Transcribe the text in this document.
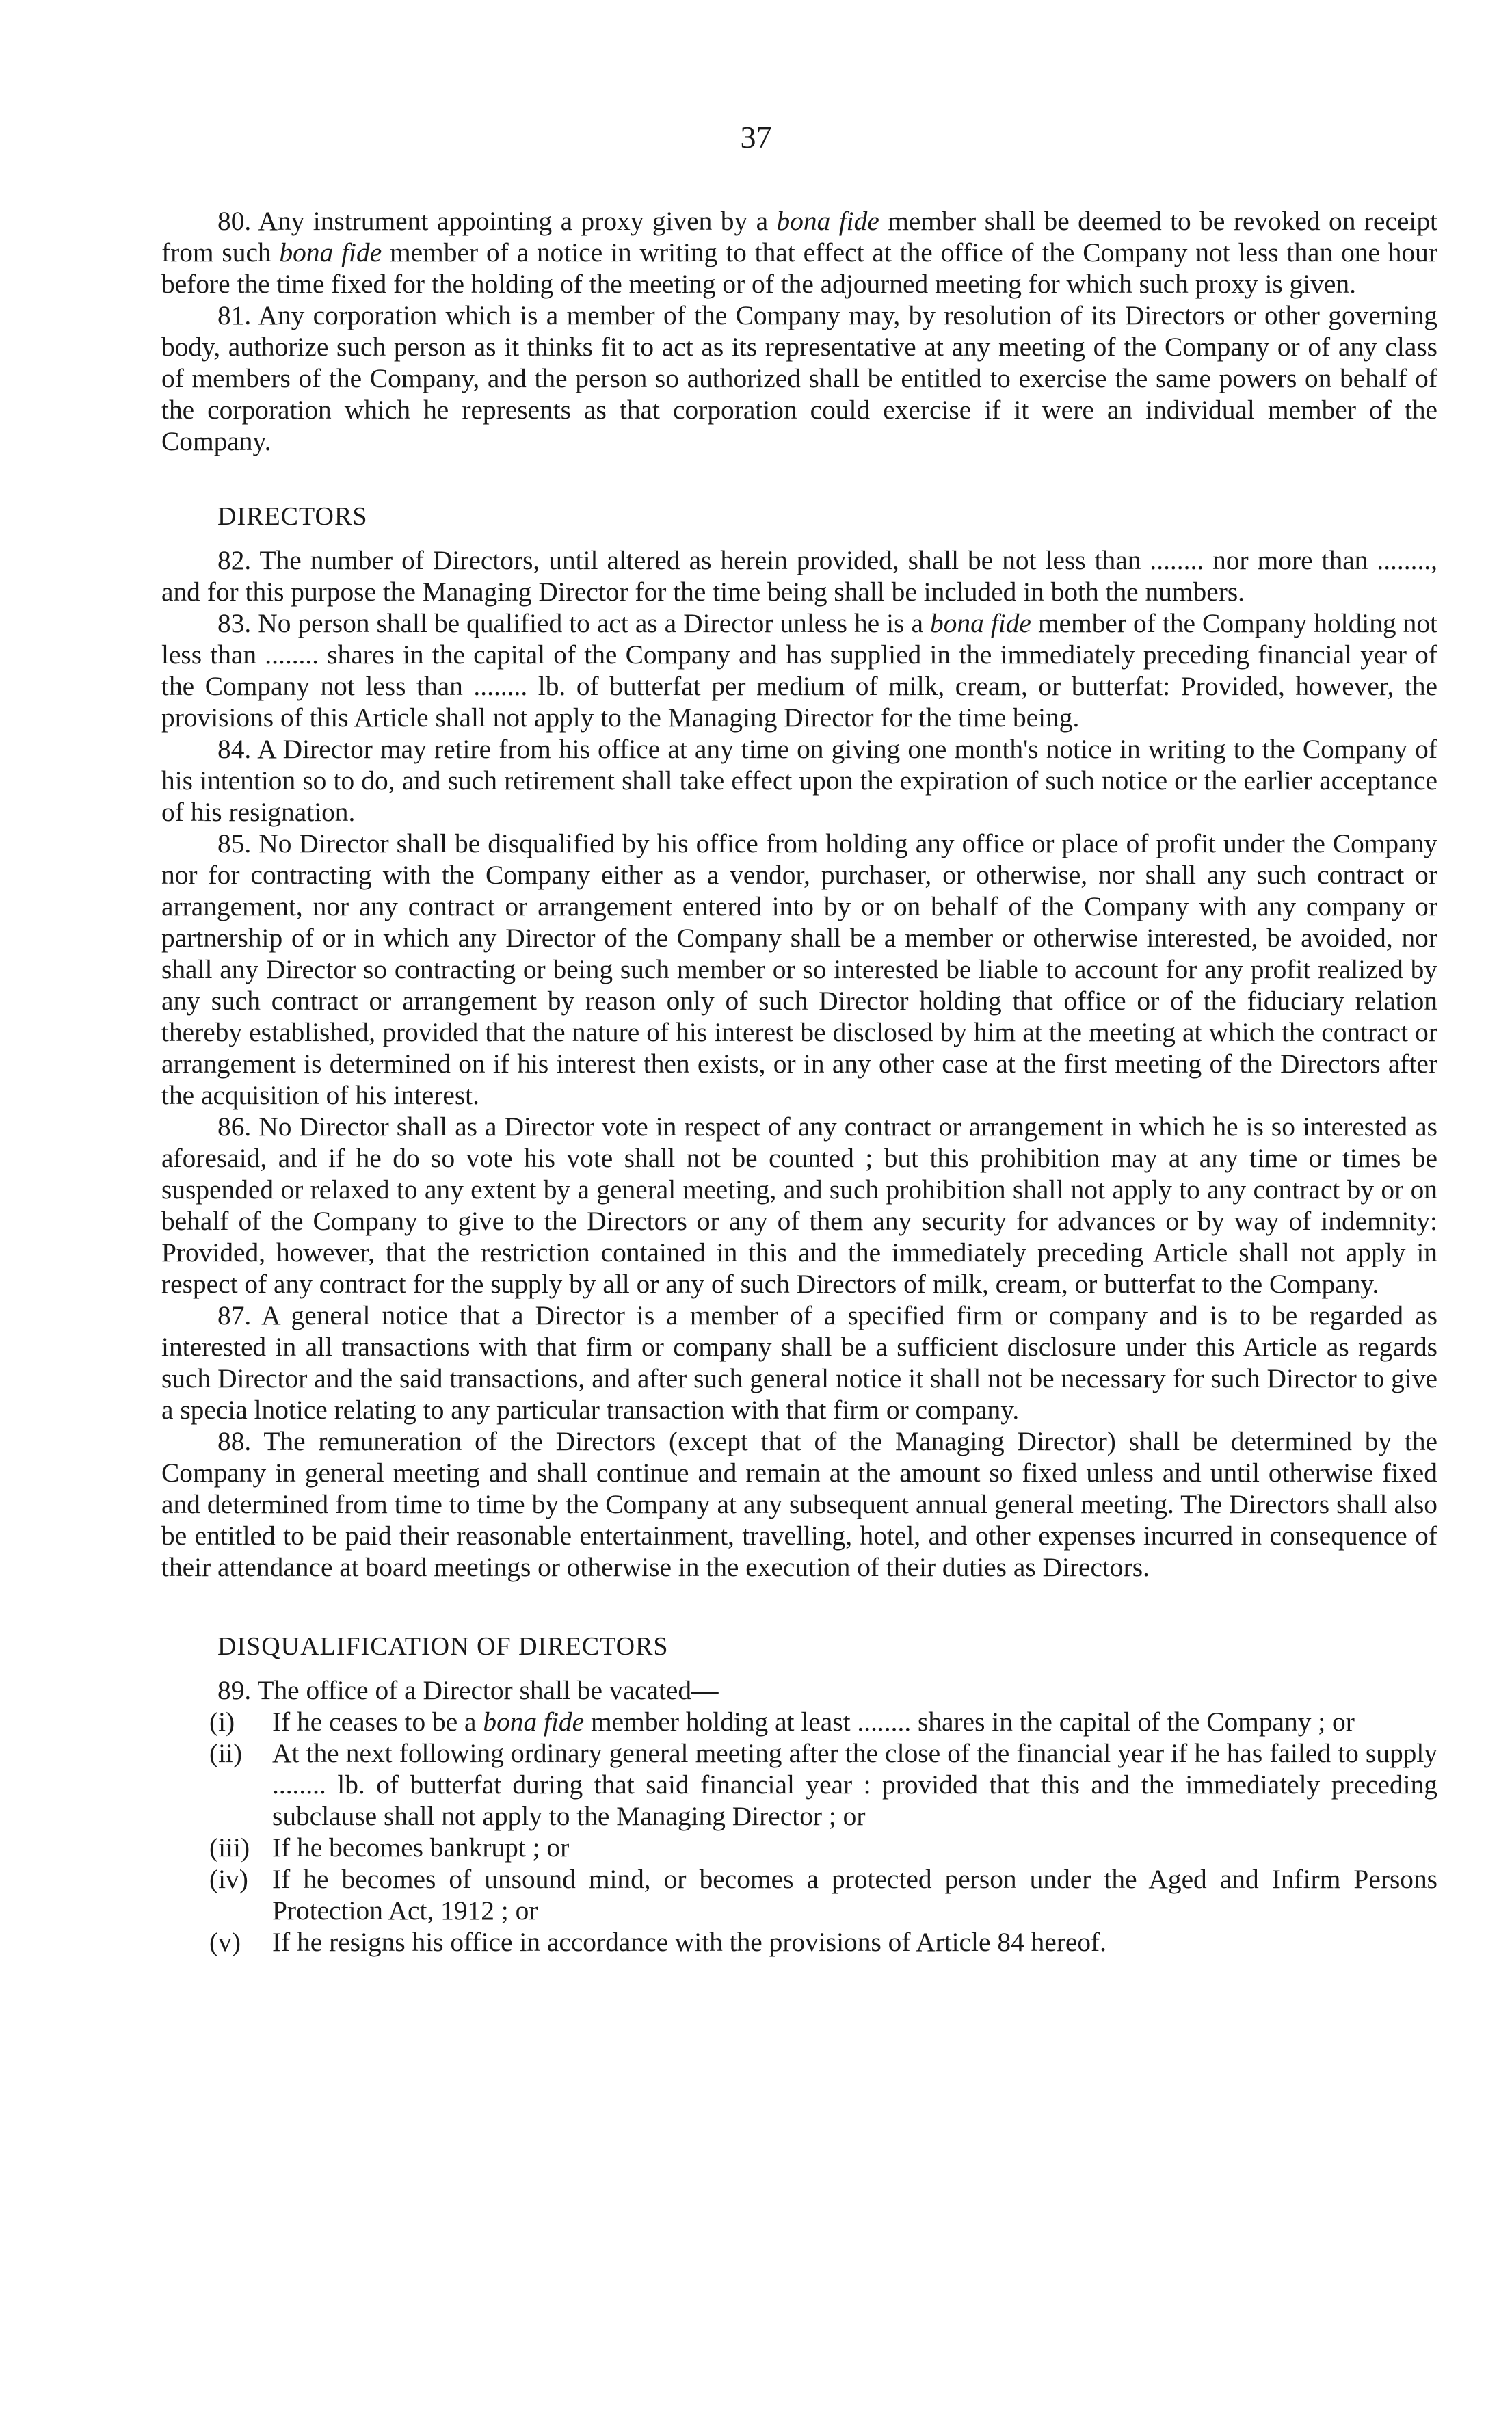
37

80. Any instrument appointing a proxy given by a bona fide member shall be deemed to be revoked on receipt from such bona fide member of a notice in writing to that effect at the office of the Company not less than one hour before the time fixed for the holding of the meeting or of the adjourned meeting for which such proxy is given.

81. Any corporation which is a member of the Company may, by resolution of its Directors or other governing body, authorize such person as it thinks fit to act as its representative at any meeting of the Company or of any class of members of the Company, and the person so authorized shall be entitled to exercise the same powers on behalf of the corporation which he represents as that corporation could exercise if it were an individual member of the Company.

DIRECTORS

82. The number of Directors, until altered as herein provided, shall be not less than ........ nor more than ........, and for this purpose the Managing Director for the time being shall be included in both the numbers.

83. No person shall be qualified to act as a Director unless he is a bona fide member of the Company holding not less than ........ shares in the capital of the Company and has supplied in the immediately preceding financial year of the Company not less than ........ lb. of butterfat per medium of milk, cream, or butterfat: Provided, however, the provisions of this Article shall not apply to the Managing Director for the time being.

84. A Director may retire from his office at any time on giving one month's notice in writing to the Company of his intention so to do, and such retirement shall take effect upon the expiration of such notice or the earlier acceptance of his resignation.

85. No Director shall be disqualified by his office from holding any office or place of profit under the Company nor for contracting with the Company either as a vendor, purchaser, or otherwise, nor shall any such contract or arrangement, nor any contract or arrangement entered into by or on behalf of the Company with any company or partnership of or in which any Director of the Company shall be a member or otherwise interested, be avoided, nor shall any Director so contracting or being such member or so interested be liable to account for any profit realized by any such contract or arrangement by reason only of such Director holding that office or of the fiduciary relation thereby established, provided that the nature of his interest be disclosed by him at the meeting at which the contract or arrangement is determined on if his interest then exists, or in any other case at the first meeting of the Directors after the acquisition of his interest.

86. No Director shall as a Director vote in respect of any contract or arrangement in which he is so interested as aforesaid, and if he do so vote his vote shall not be counted ; but this prohibition may at any time or times be suspended or relaxed to any extent by a general meeting, and such prohibition shall not apply to any contract by or on behalf of the Company to give to the Directors or any of them any security for advances or by way of indemnity: Provided, however, that the restriction contained in this and the immediately preceding Article shall not apply in respect of any contract for the supply by all or any of such Directors of milk, cream, or butterfat to the Company.

87. A general notice that a Director is a member of a specified firm or company and is to be regarded as interested in all transactions with that firm or company shall be a sufficient disclosure under this Article as regards such Director and the said transactions, and after such general notice it shall not be necessary for such Director to give a specia lnotice relating to any particular transaction with that firm or company.

88. The remuneration of the Directors (except that of the Managing Director) shall be determined by the Company in general meeting and shall continue and remain at the amount so fixed unless and until otherwise fixed and determined from time to time by the Company at any subsequent annual general meeting. The Directors shall also be entitled to be paid their reasonable entertainment, travelling, hotel, and other expenses incurred in consequence of their attendance at board meetings or otherwise in the execution of their duties as Directors.

DISQUALIFICATION OF DIRECTORS

89. The office of a Director shall be vacated—

(i)	If he ceases to be a bona fide member holding at least ........ shares in the capital of the Company ; or
(ii)	At the next following ordinary general meeting after the close of the financial year if he has failed to supply ........ lb. of butterfat during that said financial year : provided that this and the immediately preceding subclause shall not apply to the Managing Director ; or
(iii) If he becomes bankrupt ; or
(iv) If he becomes of unsound mind, or becomes a protected person under the Aged and Infirm Persons Protection Act, 1912 ; or
(v)	If he resigns his office in accordance with the provisions of Article 84 hereof.
